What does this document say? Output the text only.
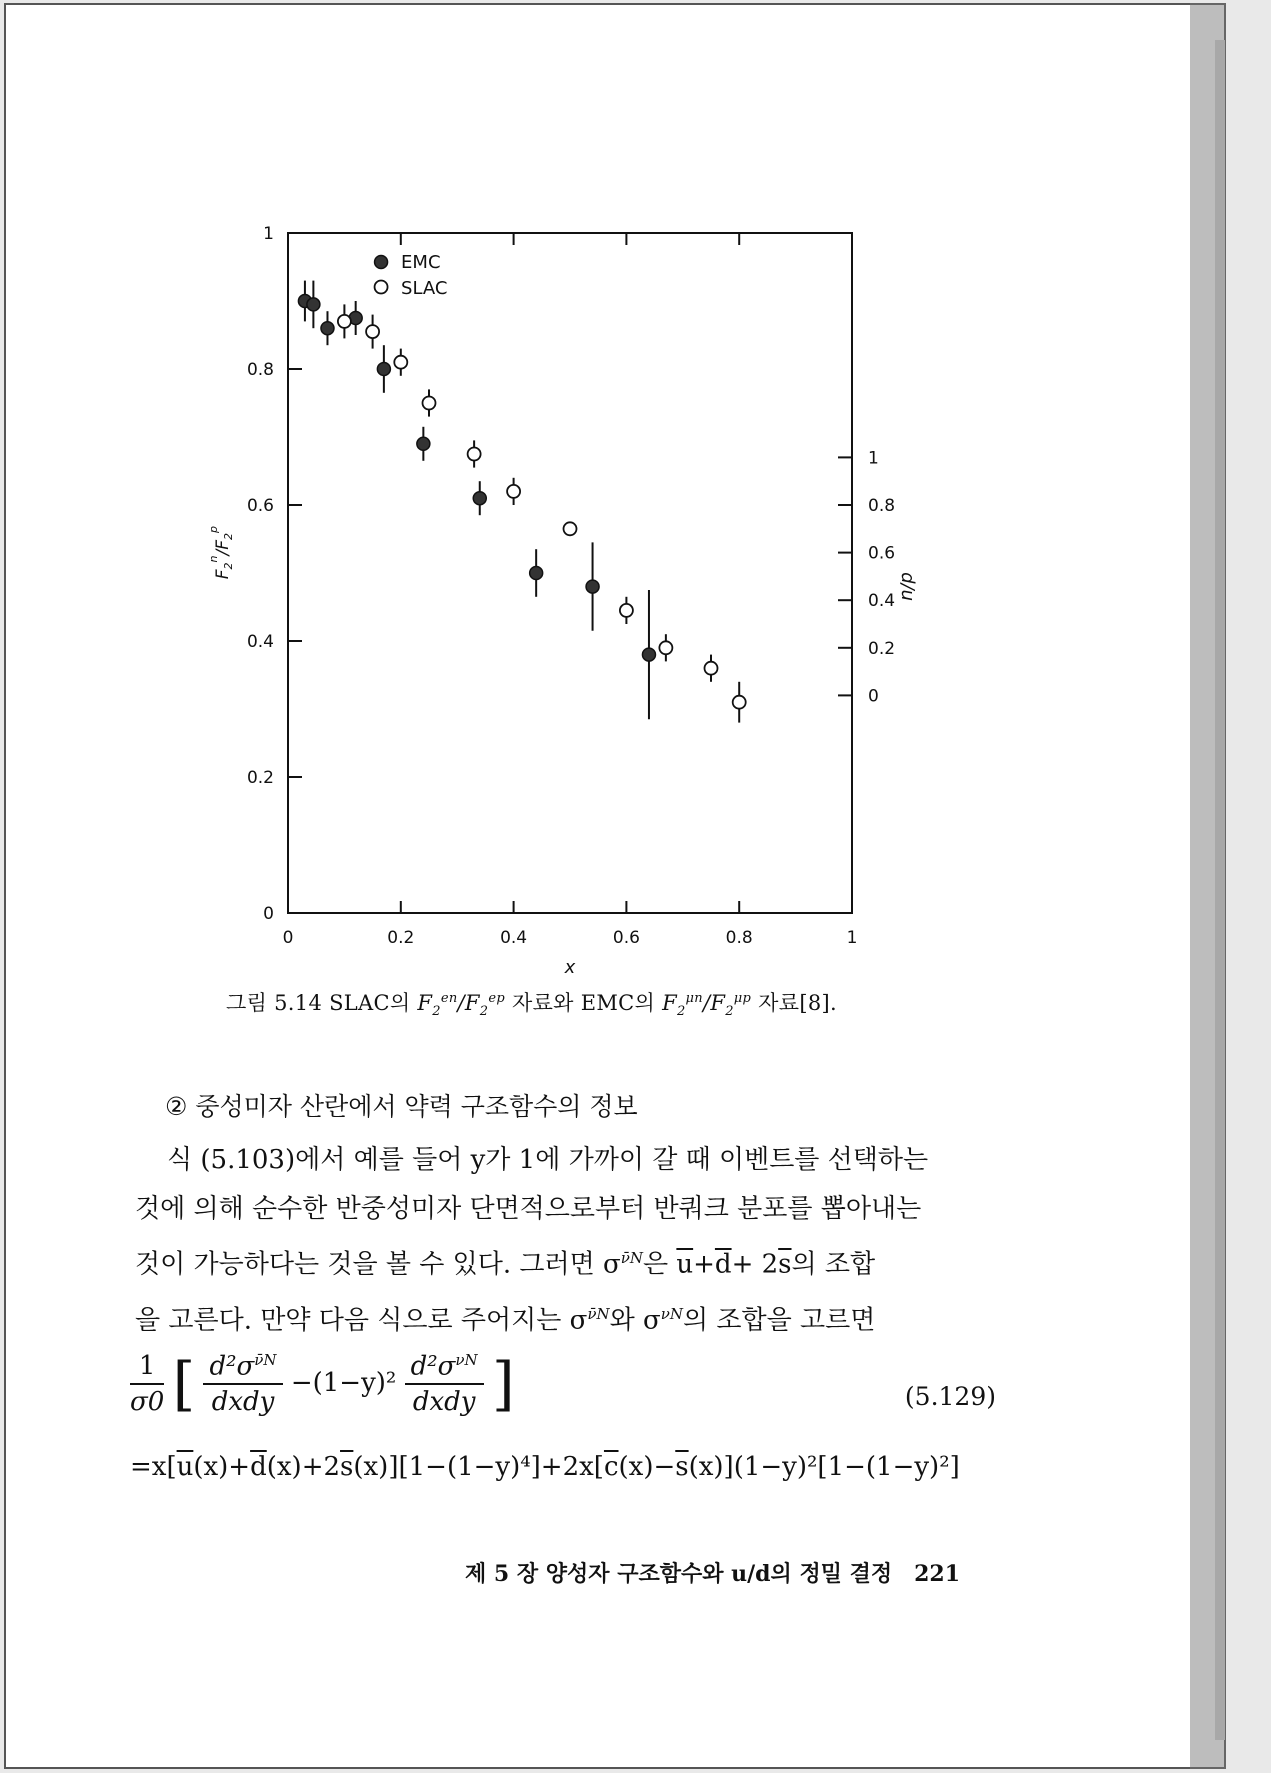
0	0.2	0.4	0.6	0.8	1
0
0.2
0.4
0.6
0.8
1
0
0.2
0.4
0.6
0.8
1
x
$F_2^n/F_2^p$
d/u
EMC
SLAC
그림 5.14 SLAC의 $F_2^{en}/F_2^{ep}$ 자료와 EMC의 $F_2^{\mu n}/F_2^{\mu p}$ 자료[8].
② 중성미자 산란에서 약력 구조함수의 정보

식 (5.103)에서 예를 들어 y가 1에 가까이 갈 때 이벤트를 선택하는

것에 의해 순수한 반중성미자 단면적으로부터 반쿼크 분포를 뽑아내는

것이 가능하다는 것을 볼 수 있다. 그러면 $\sigma^{\nūN}$은 $\overline{u}+\overline{d}+ 2\overline{s}$의 조합

을 고른다. 만약 다음 식으로 주어지는 $\sigma^{\nūN}$와 $\sigma^{\nu N}$의 조합을 고르면

$\frac{1}{\sigma 0}$ [ $\frac{d^2\sigma^{\nūN}}{\text{dxdy}} -(1-y)^2 \frac{d^2\sigma^{\nu N}}{\text{dxdy}}$ ]	(5.129)
$=x[\overline{u}(x)+\overline{d}(x)+2\overline{s}(x)][1-(1-y)^4]+2x[\overline{c}(x)-\overline{s}(x)](1-y)^2[1-(1-y)^2]$
제 5 장 양성자 구조함수와 u/d의 정밀 결정 221
